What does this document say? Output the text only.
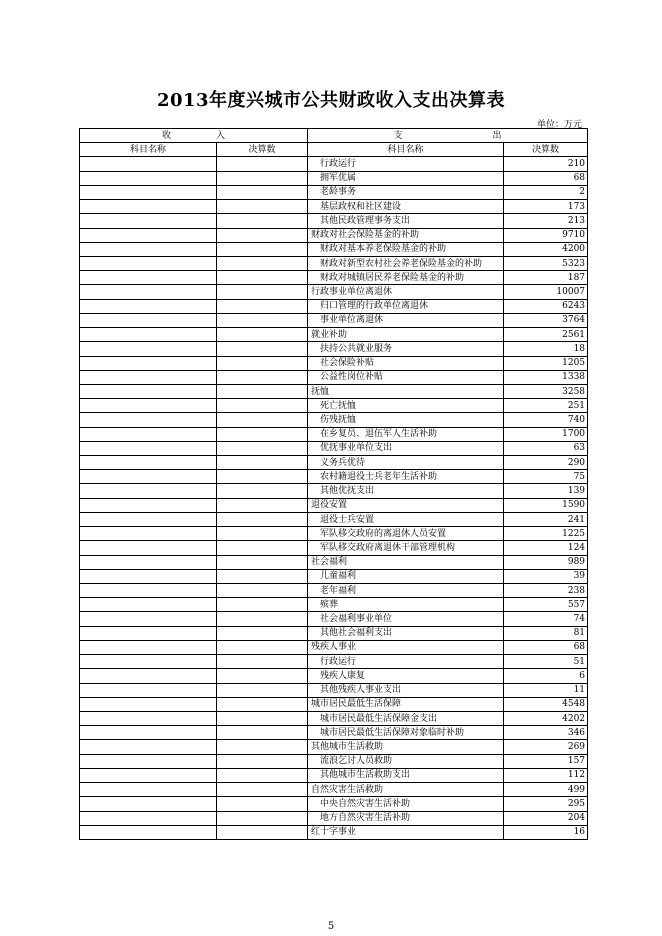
2013年度兴城市公共财政收入支出决算表
单位：万元
收　　　　　入		支　　　　　　　　　　出	
科目名称	决算数	科目名称	决算数
		行政运行	210
		拥军优属	68
		老龄事务	2
		基层政权和社区建设	173
		其他民政管理事务支出	213
		财政对社会保险基金的补助	9710
		财政对基本养老保险基金的补助	4200
		财政对新型农村社会养老保险基金的补助	5323
		财政对城镇居民养老保险基金的补助	187
		行政事业单位离退休	10007
		归口管理的行政单位离退休	6243
		事业单位离退休	3764
		就业补助	2561
		扶持公共就业服务	18
		社会保险补贴	1205
		公益性岗位补贴	1338
		抚恤	3258
		死亡抚恤	251
		伤残抚恤	740
		在乡复员、退伍军人生活补助	1700
		优抚事业单位支出	63
		义务兵优待	290
		农村籍退役士兵老年生活补助	75
		其他优抚支出	139
		退役安置	1590
		退役士兵安置	241
		军队移交政府的离退休人员安置	1225
		军队移交政府离退休干部管理机构	124
		社会福利	989
		儿童福利	39
		老年福利	238
		殡葬	557
		社会福利事业单位	74
		其他社会福利支出	81
		残疾人事业	68
		行政运行	51
		残疾人康复	6
		其他残疾人事业支出	11
		城市居民最低生活保障	4548
		城市居民最低生活保障金支出	4202
		城市居民最低生活保障对象临时补助	346
		其他城市生活救助	269
		流浪乞讨人员救助	157
		其他城市生活救助支出	112
		自然灾害生活救助	499
		中央自然灾害生活补助	295
		地方自然灾害生活补助	204
		红十字事业	16
5
